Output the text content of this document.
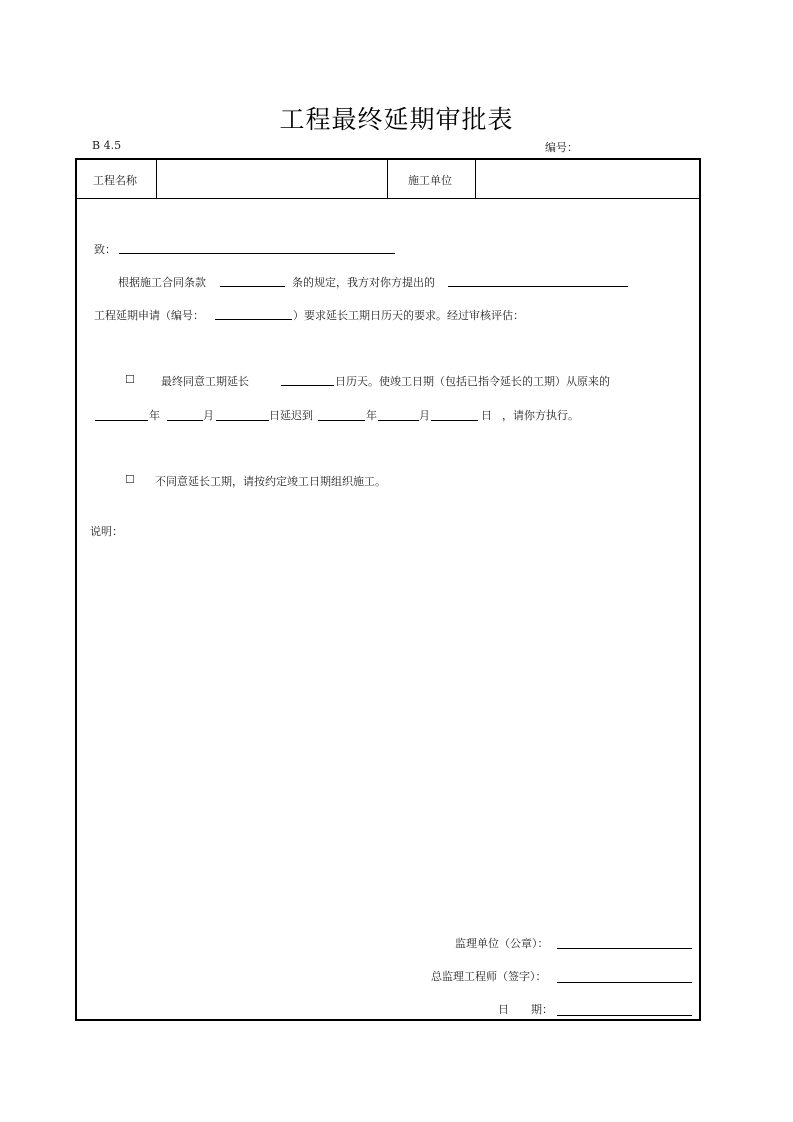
工程最终延期审批表
B 4.5	编号：
工程名称	施工单位
致：
根据施工合同条款	条的规定，我方对你方提出的
工程延期申请（编号：	）要求延长工期日历天的要求。经过审核评估：
☐ 最终同意工期延长	日历天。使竣工日期（包括已指令延长的工期）从原来的
年	月	日延迟到	年	月	日 ，请你方执行。
☐ 不同意延长工期，请按约定竣工日期组织施工。
说明：
监理单位（公章）：
总监理工程师（签字）：
日　　期：
